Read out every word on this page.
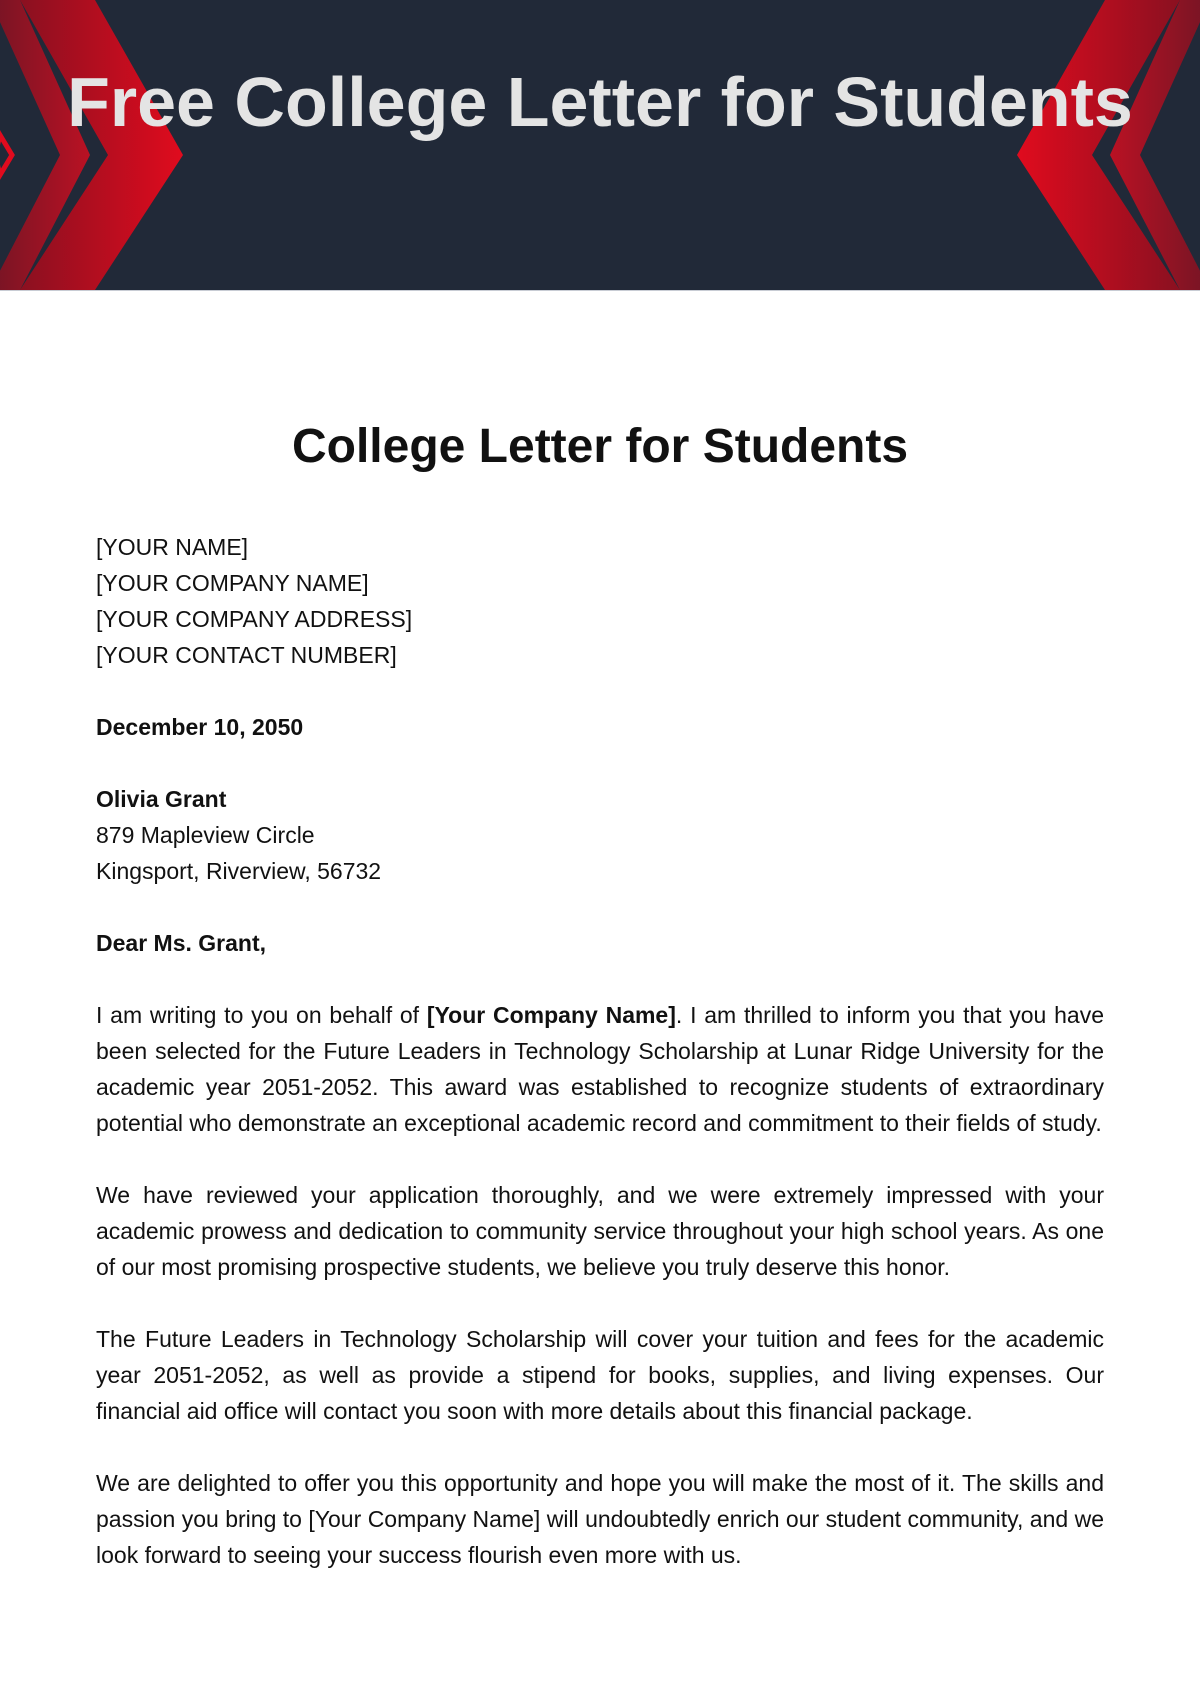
Free College Letter for Students
College Letter for Students
[YOUR NAME]
[YOUR COMPANY NAME]
[YOUR COMPANY ADDRESS]
[YOUR CONTACT NUMBER]
December 10, 2050
Olivia Grant
879 Mapleview Circle
Kingsport, Riverview, 56732
Dear Ms. Grant,

I am writing to you on behalf of [Your Company Name]. I am thrilled to inform you that you have been selected for the Future Leaders in Technology Scholarship at Lunar Ridge University for the academic year 2051-2052. This award was established to recognize students of extraordinary potential who demonstrate an exceptional academic record and commitment to their fields of study.

We have reviewed your application thoroughly, and we were extremely impressed with your academic prowess and dedication to community service throughout your high school years. As one of our most promising prospective students, we believe you truly deserve this honor.

The Future Leaders in Technology Scholarship will cover your tuition and fees for the academic year 2051-2052, as well as provide a stipend for books, supplies, and living expenses. Our financial aid office will contact you soon with more details about this financial package.

We are delighted to offer you this opportunity and hope you will make the most of it. The skills and passion you bring to [Your Company Name] will undoubtedly enrich our student community, and we look forward to seeing your success flourish even more with us.
